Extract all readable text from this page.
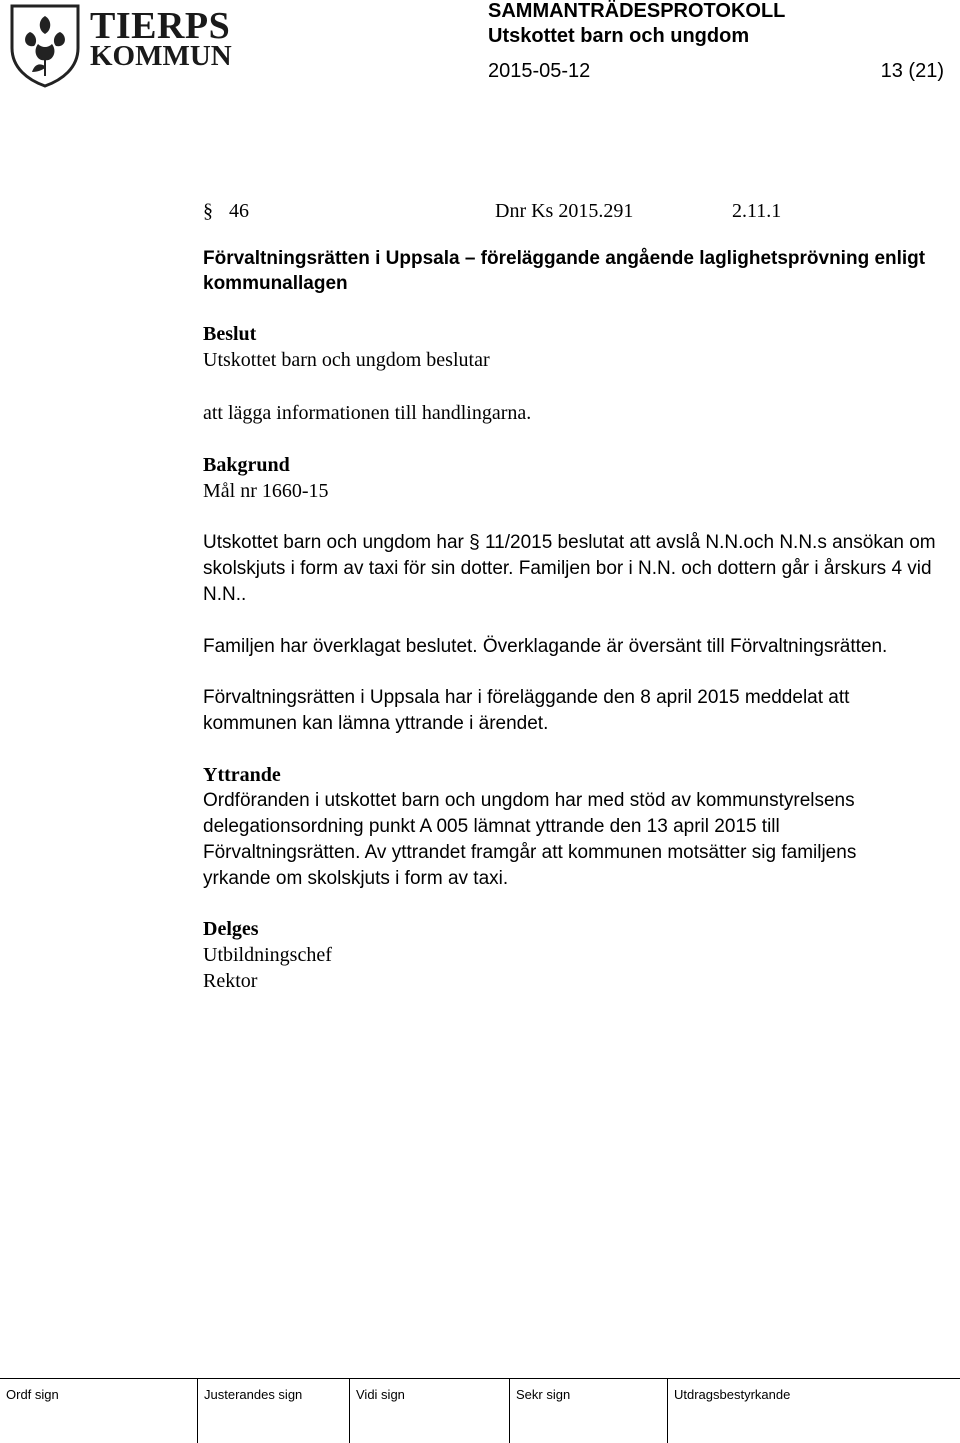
TIERPS
KOMMUN
SAMMANTRÄDESPROTOKOLL
Utskottet barn och ungdom
2015-05-12	13 (21)
§ 46	Dnr Ks 2015.291	2.11.1
Förvaltningsrätten i Uppsala – föreläggande angående laglighetsprövning enligt kommunallagen
Beslut
Utskottet barn och ungdom beslutar
att lägga informationen till handlingarna.
Bakgrund
Mål nr 1660-15
Utskottet barn och ungdom har § 11/2015 beslutat att avslå N.N.och N.N.s ansökan om skolskjuts i form av taxi för sin dotter. Familjen bor i N.N. och dottern går i årskurs 4 vid N.N..
Familjen har överklagat beslutet. Överklagande är översänt till Förvaltningsrätten.
Förvaltningsrätten i Uppsala har i föreläggande den 8 april 2015 meddelat att kommunen kan lämna yttrande i ärendet.
Yttrande
Ordföranden i utskottet barn och ungdom har med stöd av kommunstyrelsens delegationsordning punkt A 005 lämnat yttrande den 13 april 2015 till Förvaltningsrätten. Av yttrandet framgår att kommunen motsätter sig familjens yrkande om skolskjuts i form av taxi.
Delges
Utbildningschef
Rektor
Ordf sign	Justerandes sign	Vidi sign	Sekr sign	Utdragsbestyrkande
